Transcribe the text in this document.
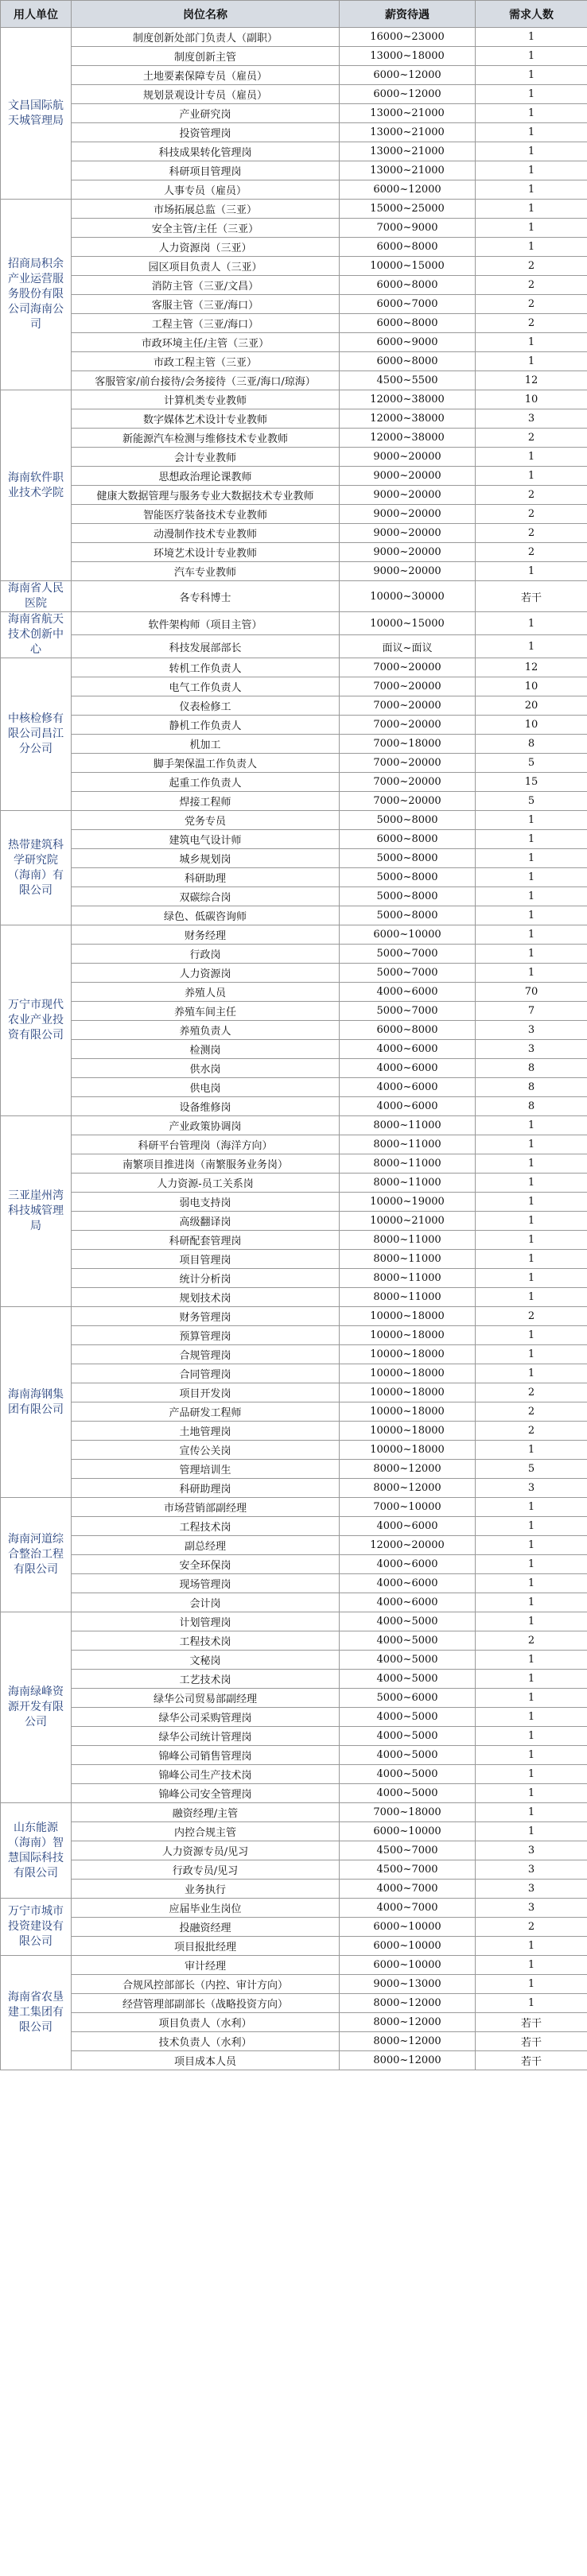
用人单位	岗位名称	薪资待遇	需求人数
文昌国际航天城管理局	制度创新处部门负责人（副职）	16000~23000	1
	制度创新主管	13000~18000	1
	土地要素保障专员（雇员）	6000~12000	1
	规划景观设计专员（雇员）	6000~12000	1
	产业研究岗	13000~21000	1
	投资管理岗	13000~21000	1
	科技成果转化管理岗	13000~21000	1
	科研项目管理岗	13000~21000	1
	人事专员（雇员）	6000~12000	1
招商局积余产业运营服务股份有限公司海南公司	市场拓展总监（三亚）	15000~25000	1
	安全主管/主任（三亚）	7000~9000	1
	人力资源岗（三亚）	6000~8000	1
	园区项目负责人（三亚）	10000~15000	2
	消防主管（三亚/文昌）	6000~8000	2
	客服主管（三亚/海口）	6000~7000	2
	工程主管（三亚/海口）	6000~8000	2
	市政环境主任/主管（三亚）	6000~9000	1
	市政工程主管（三亚）	6000~8000	1
	客服管家/前台接待/会务接待（三亚/海口/琼海）	4500~5500	12
海南软件职业技术学院	计算机类专业教师	12000~38000	10
	数字媒体艺术设计专业教师	12000~38000	3
	新能源汽车检测与维修技术专业教师	12000~38000	2
	会计专业教师	9000~20000	1
	思想政治理论课教师	9000~20000	1
	健康大数据管理与服务专业大数据技术专业教师	9000~20000	2
	智能医疗装备技术专业教师	9000~20000	2
	动漫制作技术专业教师	9000~20000	2
	环境艺术设计专业教师	9000~20000	2
	汽车专业教师	9000~20000	1
海南省人民医院	各专科博士	10000~30000	若干
海南省航天技术创新中心	软件架构师（项目主管）	10000~15000	1
	科技发展部部长	面议~面议	1
中核检修有限公司昌江分公司	转机工作负责人	7000~20000	12
	电气工作负责人	7000~20000	10
	仪表检修工	7000~20000	20
	静机工作负责人	7000~20000	10
	机加工	7000~18000	8
	脚手架保温工作负责人	7000~20000	5
	起重工作负责人	7000~20000	15
	焊接工程师	7000~20000	5
热带建筑科学研究院（海南）有限公司	党务专员	5000~8000	1
	建筑电气设计师	6000~8000	1
	城乡规划岗	5000~8000	1
	科研助理	5000~8000	1
	双碳综合岗	5000~8000	1
	绿色、低碳咨询师	5000~8000	1
万宁市现代农业产业投资有限公司	财务经理	6000~10000	1
	行政岗	5000~7000	1
	人力资源岗	5000~7000	1
	养殖人员	4000~6000	70
	养殖车间主任	5000~7000	7
	养殖负责人	6000~8000	3
	检测岗	4000~6000	3
	供水岗	4000~6000	8
	供电岗	4000~6000	8
	设备维修岗	4000~6000	8
三亚崖州湾科技城管理局	产业政策协调岗	8000~11000	1
	科研平台管理岗（海洋方向）	8000~11000	1
	南繁项目推进岗（南繁服务业务岗）	8000~11000	1
	人力资源-员工关系岗	8000~11000	1
	弱电支持岗	10000~19000	1
	高级翻译岗	10000~21000	1
	科研配套管理岗	8000~11000	1
	项目管理岗	8000~11000	1
	统计分析岗	8000~11000	1
	规划技术岗	8000~11000	1
海南海钢集团有限公司	财务管理岗	10000~18000	2
	预算管理岗	10000~18000	1
	合规管理岗	10000~18000	1
	合同管理岗	10000~18000	1
	项目开发岗	10000~18000	2
	产品研发工程师	10000~18000	2
	土地管理岗	10000~18000	2
	宣传公关岗	10000~18000	1
	管理培训生	8000~12000	5
	科研助理岗	8000~12000	3
海南河道综合整治工程有限公司	市场营销部副经理	7000~10000	1
	工程技术岗	4000~6000	1
	副总经理	12000~20000	1
	安全环保岗	4000~6000	1
	现场管理岗	4000~6000	1
	会计岗	4000~6000	1
海南绿峰资源开发有限公司	计划管理岗	4000~5000	1
	工程技术岗	4000~5000	2
	文秘岗	4000~5000	1
	工艺技术岗	4000~5000	1
	绿华公司贸易部副经理	5000~6000	1
	绿华公司采购管理岗	4000~5000	1
	绿华公司统计管理岗	4000~5000	1
	锦峰公司销售管理岗	4000~5000	1
	锦峰公司生产技术岗	4000~5000	1
	锦峰公司安全管理岗	4000~5000	1
山东能源（海南）智慧国际科技有限公司	融资经理/主管	7000~18000	1
	内控合规主管	6000~10000	1
	人力资源专员/见习	4500~7000	3
	行政专员/见习	4500~7000	3
	业务执行	4000~7000	3
万宁市城市投资建设有限公司	应届毕业生岗位	4000~7000	3
	投融资经理	6000~10000	2
	项目报批经理	6000~10000	1
海南省农垦建工集团有限公司	审计经理	6000~10000	1
	合规风控部部长（内控、审计方向）	9000~13000	1
	经营管理部副部长（战略投资方向）	8000~12000	1
	项目负责人（水利）	8000~12000	若干
	技术负责人（水利）	8000~12000	若干
	项目成本人员	8000~12000	若干
